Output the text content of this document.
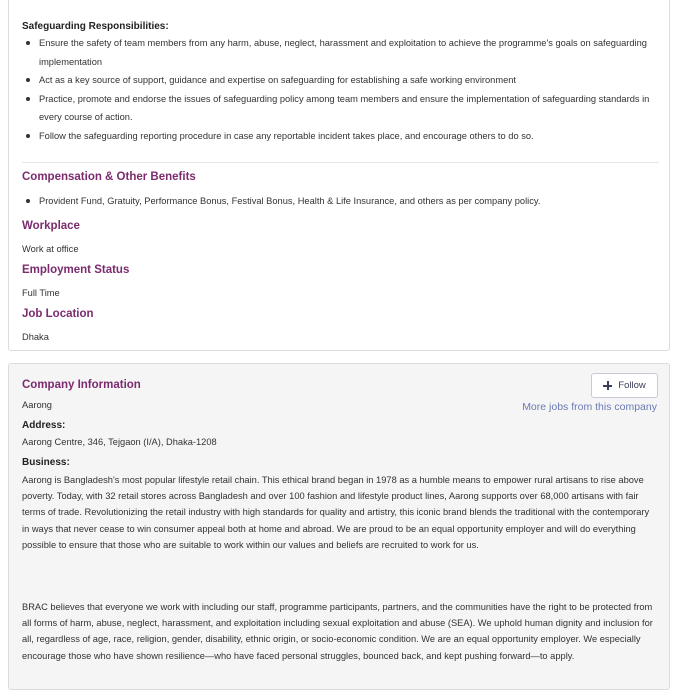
Safeguarding Responsibilities:
Ensure the safety of team members from any harm, abuse, neglect, harassment and exploitation to achieve the programme's goals on safeguarding implementation
Act as a key source of support, guidance and expertise on safeguarding for establishing a safe working environment
Practice, promote and endorse the issues of safeguarding policy among team members and ensure the implementation of safeguarding standards in every course of action.
Follow the safeguarding reporting procedure in case any reportable incident takes place, and encourage others to do so.
Compensation & Other Benefits
Provident Fund, Gratuity, Performance Bonus, Festival Bonus, Health & Life Insurance, and others as per company policy.
Workplace
Work at office
Employment Status
Full Time
Job Location
Dhaka
Company Information	Follow
More jobs from this company
Aarong
Address:
Aarong Centre, 346, Tejgaon (I/A), Dhaka-1208
Business:

Aarong is Bangladesh's most popular lifestyle retail chain. This ethical brand began in 1978 as a humble means to empower rural artisans to rise above poverty. Today, with 32 retail stores across Bangladesh and over 100 fashion and lifestyle product lines, Aarong supports over 68,000 artisans with fair terms of trade. Revolutionizing the retail industry with high standards for quality and artistry, this iconic brand blends the traditional with the contemporary in ways that never cease to win consumer appeal both at home and abroad. We are proud to be an equal opportunity employer and will do everything possible to ensure that those who are suitable to work within our values and beliefs are recruited to work for us.

BRAC believes that everyone we work with including our staff, programme participants, partners, and the communities have the right to be protected from all forms of harm, abuse, neglect, harassment, and exploitation including sexual exploitation and abuse (SEA). We uphold human dignity and inclusion for all, regardless of age, race, religion, gender, disability, ethnic origin, or socio-economic condition. We are an equal opportunity employer. We especially encourage those who have shown resilience—who have faced personal struggles, bounced back, and kept pushing forward—to apply.
